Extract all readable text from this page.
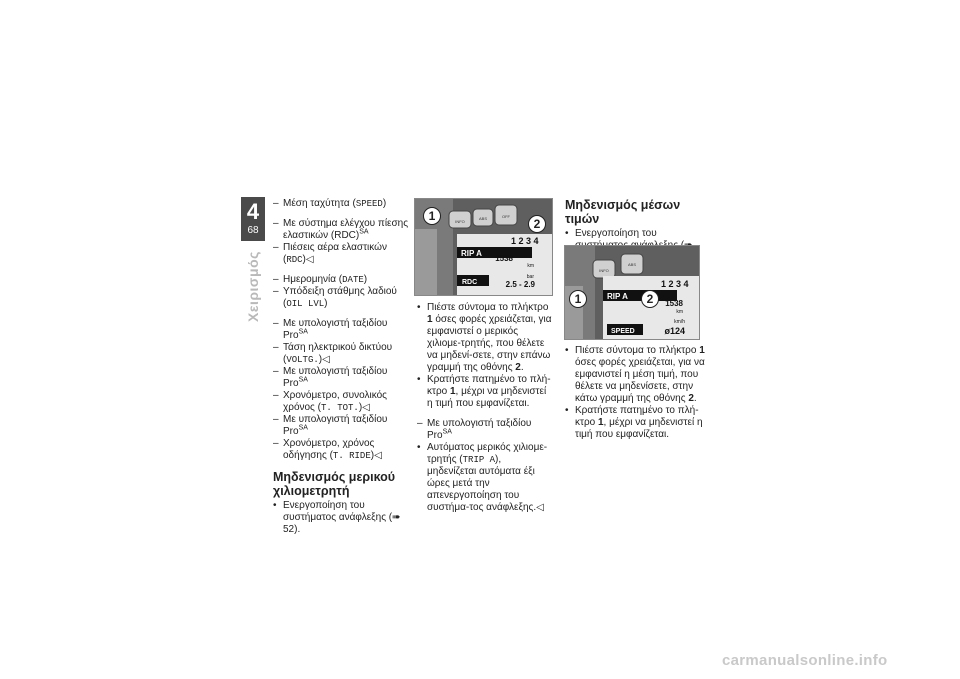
4
68
Χειρισμός

– Μέση ταχύτητα (SPEED)

– Με σύστημα ελέγχου πίεσης ελαστικών (RDC)$^{SA}$

– Πιέσεις αέρα ελαστικών (RDC)◁

– Ημερομηνία (DATE)

– Υπόδειξη στάθμης λαδιού (OIL LVL)

– Με υπολογιστή ταξιδίου Pro$^{SA}$

– Τάση ηλεκτρικού δικτύου (VOLTG.)◁

– Με υπολογιστή ταξιδίου Pro$^{SA}$

– Χρονόμετρο, συνολικός χρόνος (T. TOT.)◁

– Με υπολογιστή ταξιδίου Pro$^{SA}$

– Χρονόμετρο, χρόνος οδήγησης (T. RIDE)◁

Μηδενισμός μερικού χιλιομετρητή

• Ενεργοποίηση του συστήματος ανάφλεξης (➠ 52).

INFO
ABS	OFF
1 2 3 4
RIP A
1538
km
RDC
bar
2.5 - 2.9
1
2

• Πιέστε σύντομα το πλήκτρο 1 όσες φορές χρειάζεται, για εμφανιστεί ο μερικός χιλιομε-τρητής, που θέλετε να μηδενί-σετε, στην επάνω γραμμή της οθόνης 2.

• Κρατήστε πατημένο το πλή-κτρο 1, μέχρι να μηδενιστεί η τιμή που εμφανίζεται.

– Με υπολογιστή ταξιδίου Pro$^{SA}$

• Αυτόματος μερικός χιλιομε-τρητής (TRIP A), μηδενίζεται αυτόματα έξι ώρες μετά την απενεργοποίηση του συστήμα-τος ανάφλεξης.◁

Μηδενισμός μέσων τιμών

• Ενεργοποίηση του

INFO
ABS
1 2 3 4
RIP A
1538
km
SPEED
km/h
ø124
1	2

• Πιέστε σύντομα το πλήκτρο 1 όσες φορές χρειάζεται, για να εμφανιστεί η μέση τιμή, που θέλετε να μηδενίσετε, στην κάτω γραμμή της οθόνης 2.

• Κρατήστε πατημένο το πλή-κτρο 1, μέχρι να μηδενιστεί η τιμή που εμφανίζεται.

carmanualsonline.info
